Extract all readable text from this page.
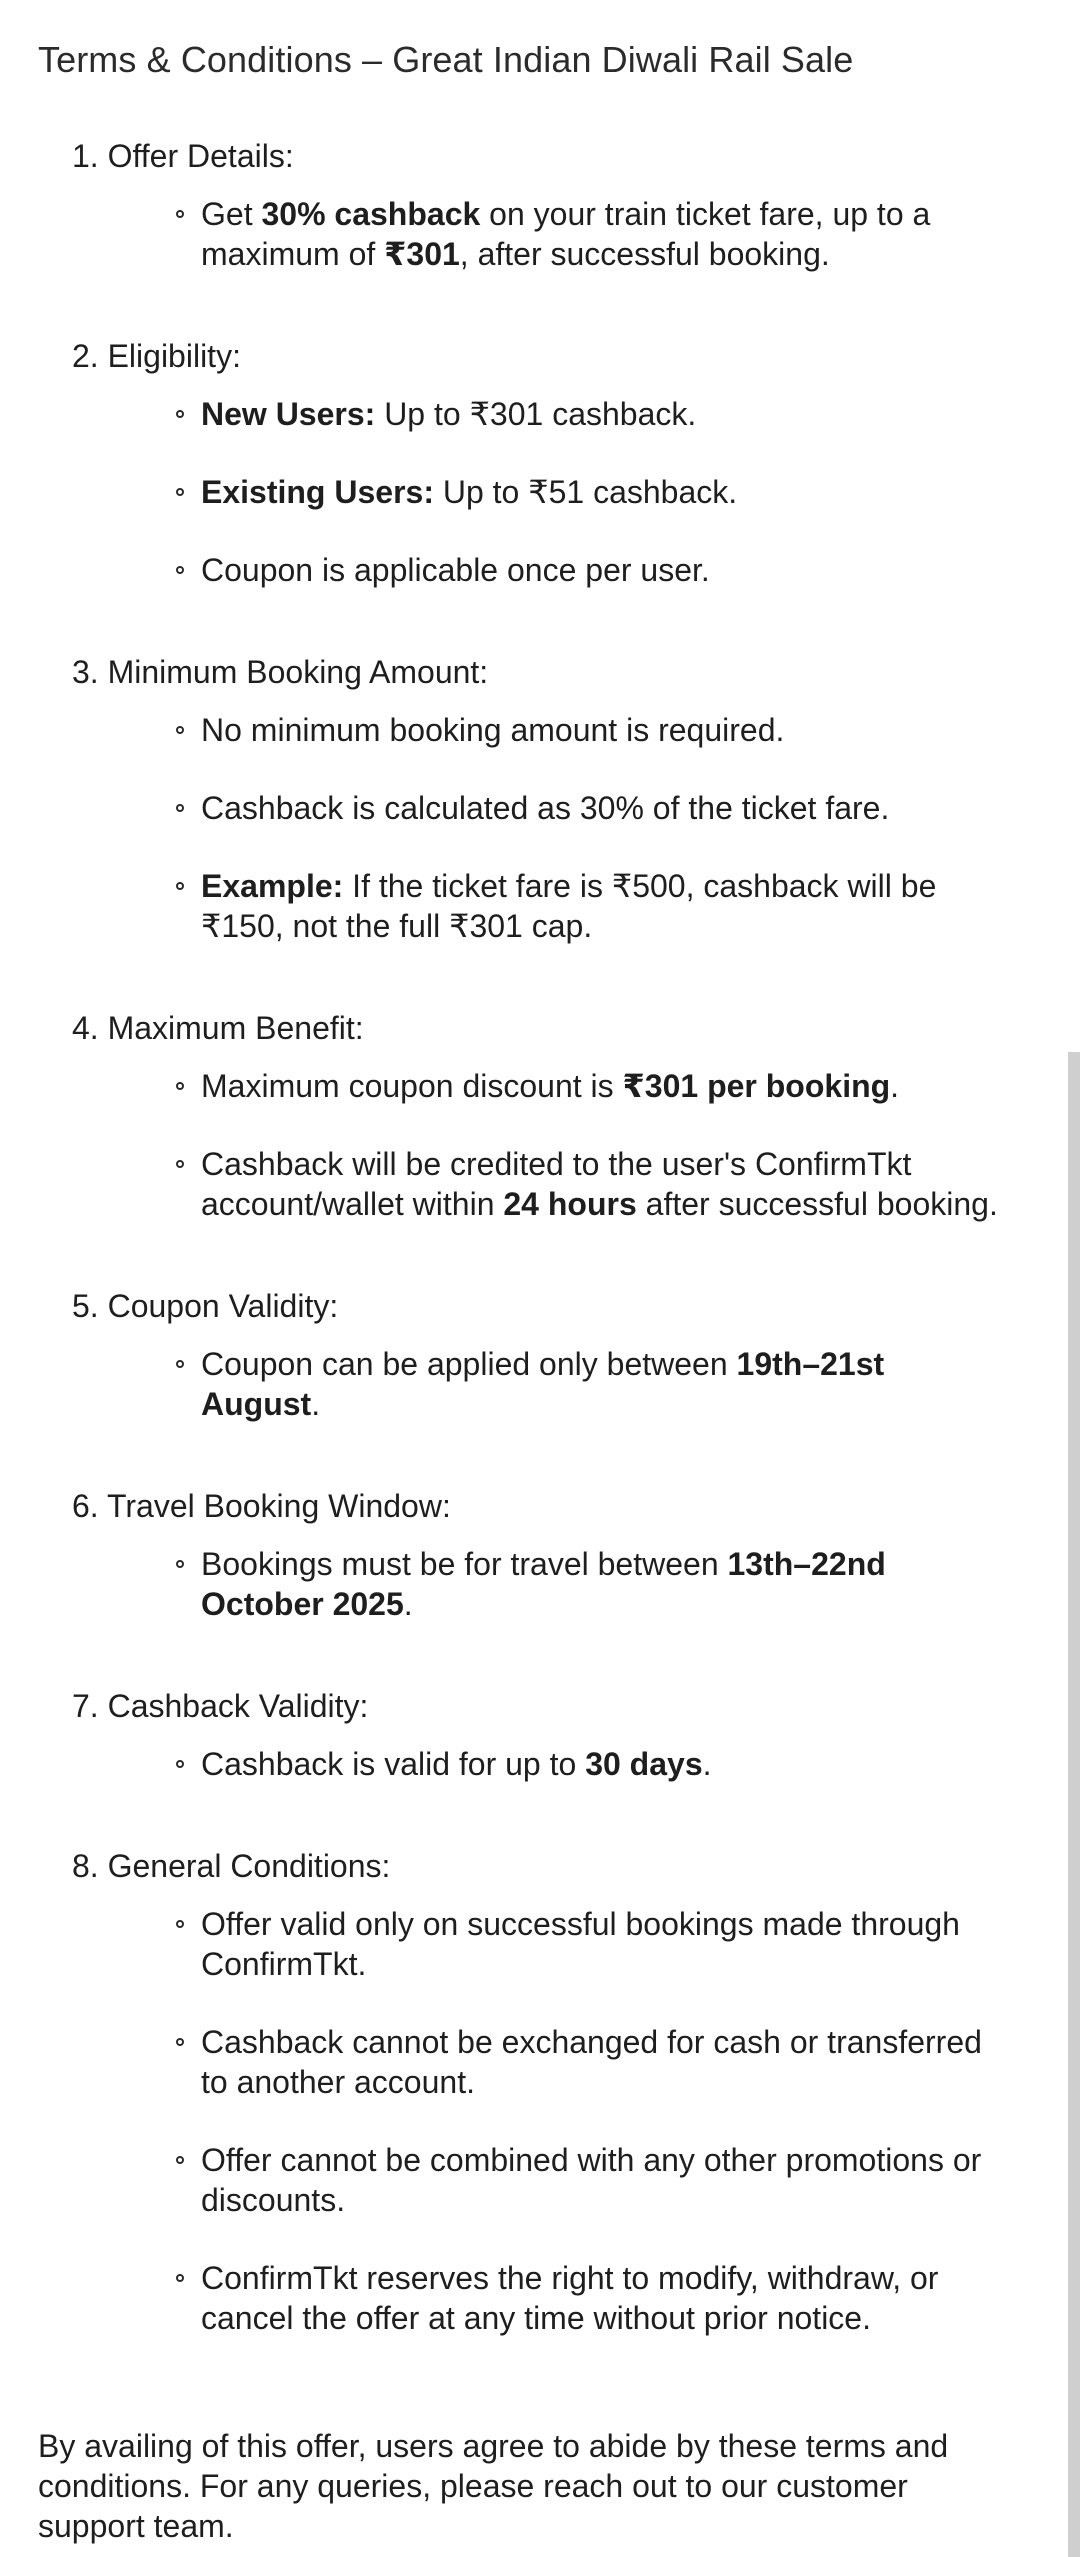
Terms & Conditions – Great Indian Diwali Rail Sale
1. Offer Details:
Get 30% cashback on your train ticket fare, up to a maximum of ₹301, after successful booking.
2. Eligibility:
New Users: Up to ₹301 cashback.
Existing Users: Up to ₹51 cashback.
Coupon is applicable once per user.
3. Minimum Booking Amount:
No minimum booking amount is required.
Cashback is calculated as 30% of the ticket fare.
Example: If the ticket fare is ₹500, cashback will be ₹150, not the full ₹301 cap.
4. Maximum Benefit:
Maximum coupon discount is ₹301 per booking.
Cashback will be credited to the user's ConfirmTkt account/wallet within 24 hours after successful booking.
5. Coupon Validity:
Coupon can be applied only between 19th–21st August.
6. Travel Booking Window:
Bookings must be for travel between 13th–22nd October 2025.
7. Cashback Validity:
Cashback is valid for up to 30 days.
8. General Conditions:
Offer valid only on successful bookings made through ConfirmTkt.
Cashback cannot be exchanged for cash or transferred to another account.
Offer cannot be combined with any other promotions or discounts.
ConfirmTkt reserves the right to modify, withdraw, or cancel the offer at any time without prior notice.

By availing of this offer, users agree to abide by these terms and conditions. For any queries, please reach out to our customer support team.
